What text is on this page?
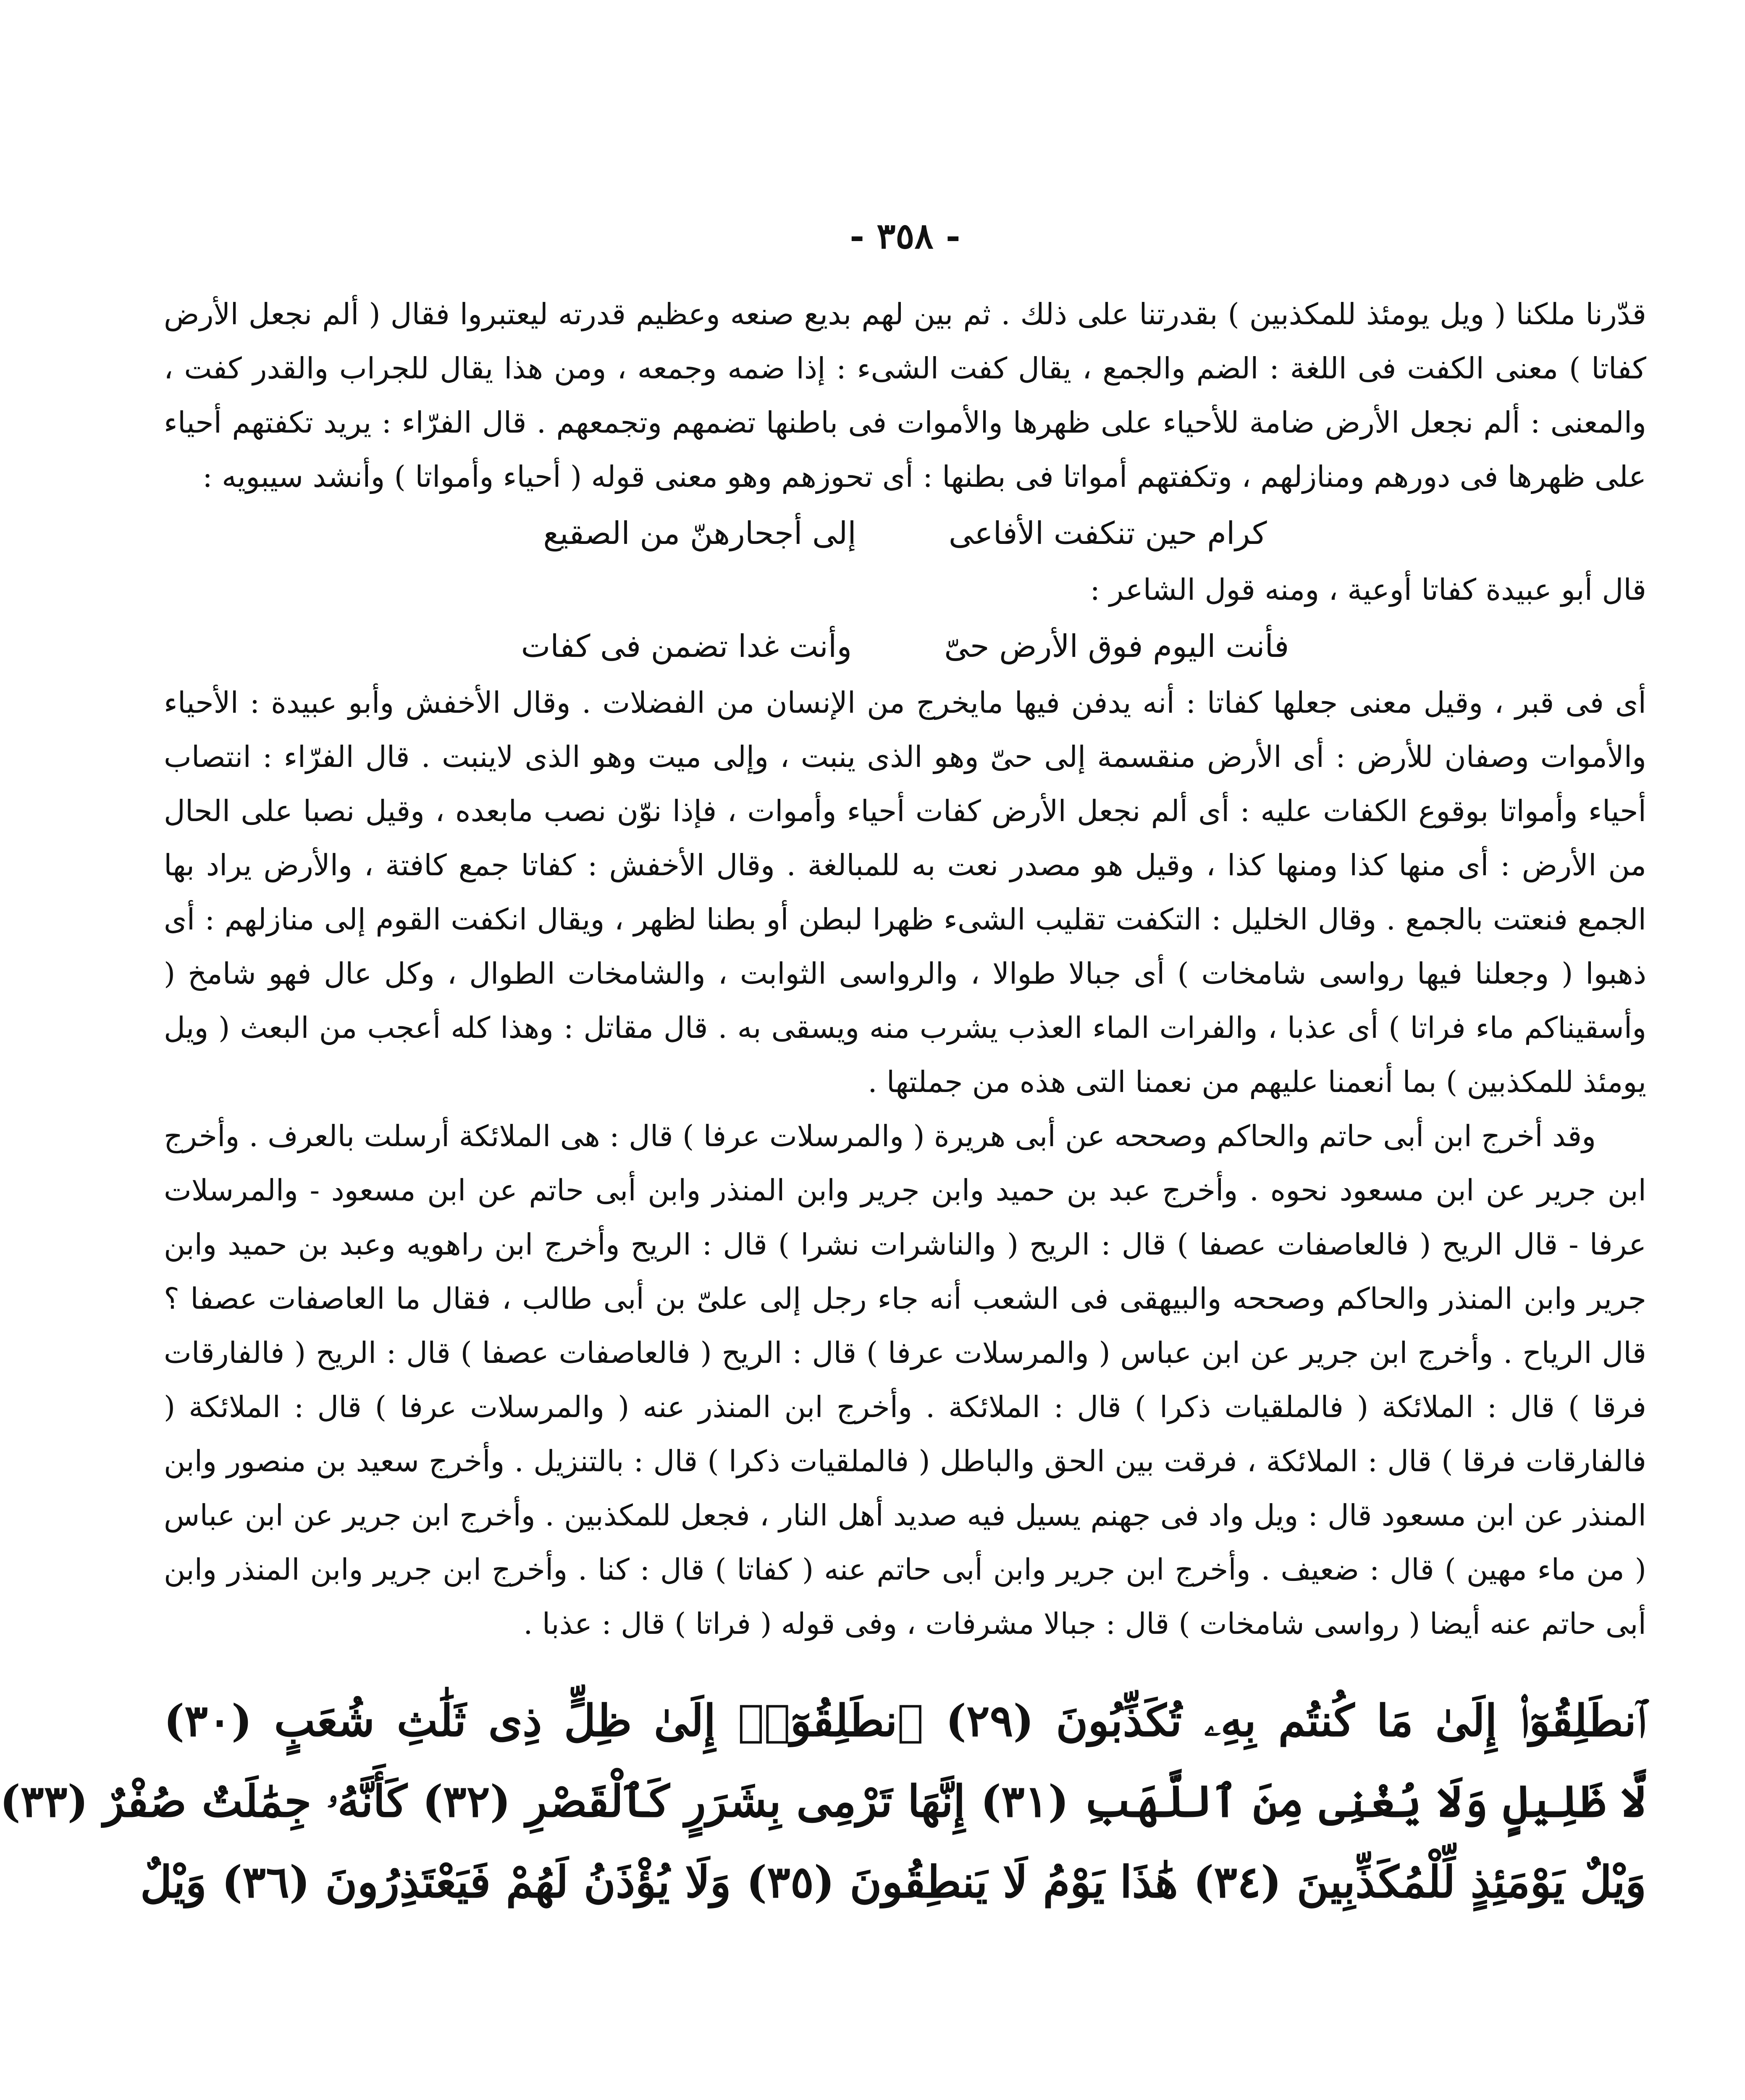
- ٣٥٨ -

قدّرنا ملكنا ( ويل يومئذ للمكذبين ) بقدرتنا على ذلك . ثم بين لهم بديع صنعه وعظيم قدرته ليعتبروا فقال ( ألم نجعل الأرض كفاتا ) معنى الكفت فى اللغة : الضم والجمع ، يقال كفت الشىء : إذا ضمه وجمعه ، ومن هذا يقال للجراب والقدر كفت ، والمعنى : ألم نجعل الأرض ضامة للأحياء على ظهرها والأموات فى باطنها تضمهم وتجمعهم . قال الفرّاء : يريد تكفتهم أحياء على ظهرها فى دورهم ومنازلهم ، وتكفتهم أمواتا فى بطنها : أى تحوزهم وهو معنى قوله ( أحياء وأمواتا ) وأنشد سيبويه :

كرام حين تنكفت الأفاعى
إلى أجحارهنّ من الصقيع

قال أبو عبيدة كفاتا أوعية ، ومنه قول الشاعر :

فأنت اليوم فوق الأرض حىّ
وأنت غدا تضمن فى كفات

أى فى قبر ، وقيل معنى جعلها كفاتا : أنه يدفن فيها مايخرج من الإنسان من الفضلات . وقال الأخفش وأبو عبيدة : الأحياء والأموات وصفان للأرض : أى الأرض منقسمة إلى حىّ وهو الذى ينبت ، وإلى ميت وهو الذى لاينبت . قال الفرّاء : انتصاب أحياء وأمواتا بوقوع الكفات عليه : أى ألم نجعل الأرض كفات أحياء وأموات ، فإذا نوّن نصب مابعده ، وقيل نصبا على الحال من الأرض : أى منها كذا ومنها كذا ، وقيل هو مصدر نعت به للمبالغة . وقال الأخفش : كفاتا جمع كافتة ، والأرض يراد بها الجمع فنعتت بالجمع . وقال الخليل : التكفت تقليب الشىء ظهرا لبطن أو بطنا لظهر ، ويقال انكفت القوم إلى منازلهم : أى ذهبوا ( وجعلنا فيها رواسى شامخات ) أى جبالا طوالا ، والرواسى الثوابت ، والشامخات الطوال ، وكل عال فهو شامخ ( وأسقيناكم ماء فراتا ) أى عذبا ، والفرات الماء العذب يشرب منه ويسقى به . قال مقاتل : وهذا كله أعجب من البعث ( ويل يومئذ للمكذبين ) بما أنعمنا عليهم من نعمنا التى هذه من جملتها .

وقد أخرج ابن أبى حاتم والحاكم وصححه عن أبى هريرة ( والمرسلات عرفا ) قال : هى الملائكة أرسلت بالعرف . وأخرج ابن جرير عن ابن مسعود نحوه . وأخرج عبد بن حميد وابن جرير وابن المنذر وابن أبى حاتم عن ابن مسعود - والمرسلات عرفا - قال الريح ( فالعاصفات عصفا ) قال : الريح ( والناشرات نشرا ) قال : الريح وأخرج ابن راهويه وعبد بن حميد وابن جرير وابن المنذر والحاكم وصححه والبيهقى فى الشعب أنه جاء رجل إلى علىّ بن أبى طالب ، فقال ما العاصفات عصفا ؟ قال الرياح . وأخرج ابن جرير عن ابن عباس ( والمرسلات عرفا ) قال : الريح ( فالعاصفات عصفا ) قال : الريح ( فالفارقات فرقا ) قال : الملائكة ( فالملقيات ذكرا ) قال : الملائكة . وأخرج ابن المنذر عنه ( والمرسلات عرفا ) قال : الملائكة ( فالفارقات فرقا ) قال : الملائكة ، فرقت بين الحق والباطل ( فالملقيات ذكرا ) قال : بالتنزيل . وأخرج سعيد بن منصور وابن المنذر عن ابن مسعود قال : ويل واد فى جهنم يسيل فيه صديد أهل النار ، فجعل للمكذبين . وأخرج ابن جرير عن ابن عباس ( من ماء مهين ) قال : ضعيف . وأخرج ابن جرير وابن أبى حاتم عنه ( كفاتا ) قال : كنا . وأخرج ابن جرير وابن المنذر وابن أبى حاتم عنه أيضا ( رواسى شامخات ) قال : جبالا مشرفات ، وفى قوله ( فراتا ) قال : عذبا .

ٱنطَلِقُوٓا۟ إِلَىٰ مَا كُنتُم بِهِۦ تُكَذِّبُونَ (٢٩) ٱنطَلِقُوٓا۟ إِلَىٰ ظِلٍّ ذِى ثَلَٰثِ شُعَبٍ (٣٠)

لَّا ظَلِيلٍ وَلَا يُغْنِى مِنَ ٱللَّهَبِ (٣١) إِنَّهَا تَرْمِى بِشَرَرٍ كَٱلْقَصْرِ (٣٢) كَأَنَّهُۥ جِمَٰلَتٌ صُفْرٌ (٣٣)

وَيْلٌ يَوْمَئِذٍ لِّلْمُكَذِّبِينَ (٣٤) هَٰذَا يَوْمُ لَا يَنطِقُونَ (٣٥) وَلَا يُؤْذَنُ لَهُمْ فَيَعْتَذِرُونَ (٣٦) وَيْلٌ
